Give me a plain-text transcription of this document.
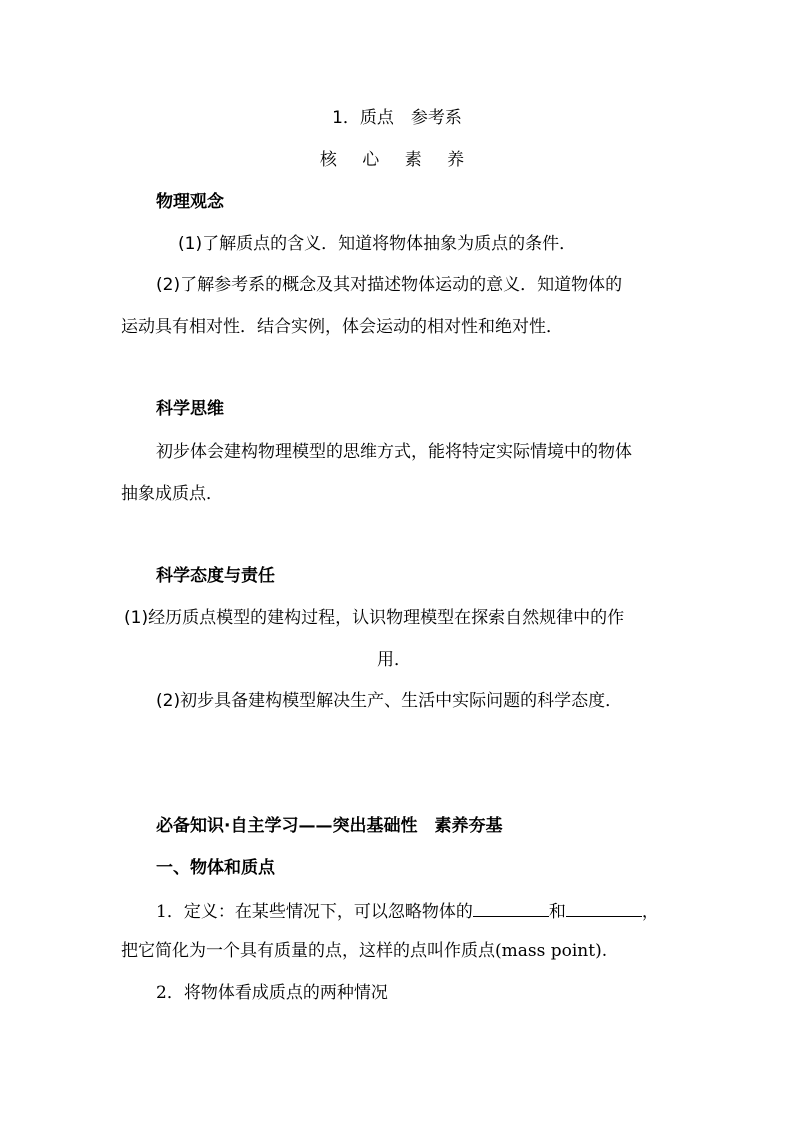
1．质点　参考系
核 心 素 养
物理观念
(1)了解质点的含义．知道将物体抽象为质点的条件．
(2)了解参考系的概念及其对描述物体运动的意义．知道物体的
运动具有相对性．结合实例，体会运动的相对性和绝对性．
科学思维
初步体会建构物理模型的思维方式，能将特定实际情境中的物体
抽象成质点．
科学态度与责任
(1)经历质点模型的建构过程，认识物理模型在探索自然规律中的作
用．
(2)初步具备建构模型解决生产、生活中实际问题的科学态度．
必备知识·自主学习——突出基础性　素养夯基
一、物体和质点
1．定义：在某些情况下，可以忽略物体的	和	，
把它简化为一个具有质量的点，这样的点叫作质点(mass point).
2．将物体看成质点的两种情况
